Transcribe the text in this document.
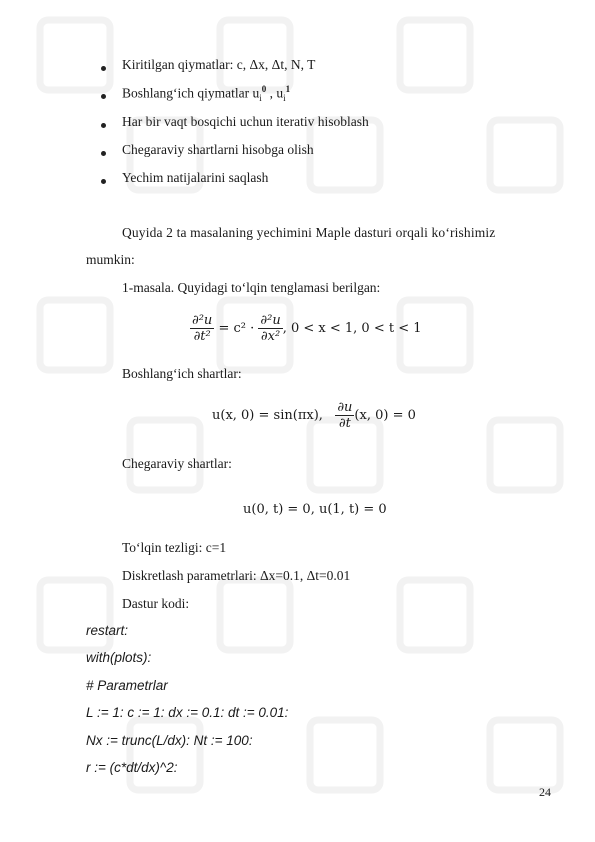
Kiritilgan qiymatlar: c, Δx, Δt, N, T
Boshlang‘ich qiymatlar $u_i^0$ , $u_i^1$
Har bir vaqt bosqichi uchun iterativ hisoblash
Chegaraviy shartlarni hisobga olish
Yechim natijalarini saqlash
Quyida 2 ta masalaning yechimini Maple dasturi orqali ko‘rishimiz
mumkin:
1-masala. Quyidagi to‘lqin tenglamasi berilgan:
$\frac{\text{∂²u}}{\text{∂t²}} = c^2 \cdot \frac{\text{∂²u}}{\text{∂x²}}$ , 0 < x < 1, 0 < t < 1
Boshlang‘ich shartlar:
u(x, 0) = sin(πx), $\frac{\partial u}{\partial t} (x$, 0) = 0
Chegaraviy shartlar:
u(0, t) = 0, u(1, t) = 0
To‘lqin tezligi: c=1
Diskretlash parametrlari: Δx=0.1, Δt=0.01
Dastur kodi:
restart:
with(plots):
# Parametrlar
L := 1: c := 1: dx := 0.1: dt := 0.01:
Nx := trunc(L/dx): Nt := 100:
r := (c*dt/dx)^2:
24
